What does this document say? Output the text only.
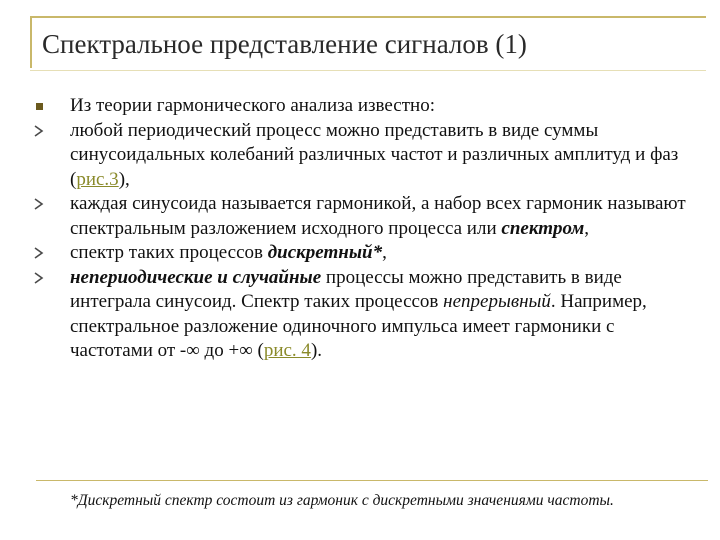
Спектральное представление сигналов (1)

Из теории гармонического анализа известно:

любой периодический процесс можно представить в виде суммы синусоидальных колебаний различных частот и различных амплитуд и фаз (рис.3),

каждая синусоида называется гармоникой, а набор всех гармоник называют спектральным разложением исходного процесса или спектром,

спектр таких процессов дискретный*,

непериодические и случайные процессы можно представить в виде интеграла синусоид. Спектр таких процессов непрерывный. Например, спектральное разложение одиночного импульса имеет гармоники с частотами от -∞ до +∞ (рис. 4).

*Дискретный спектр состоит из гармоник с дискретными значениями частоты.
